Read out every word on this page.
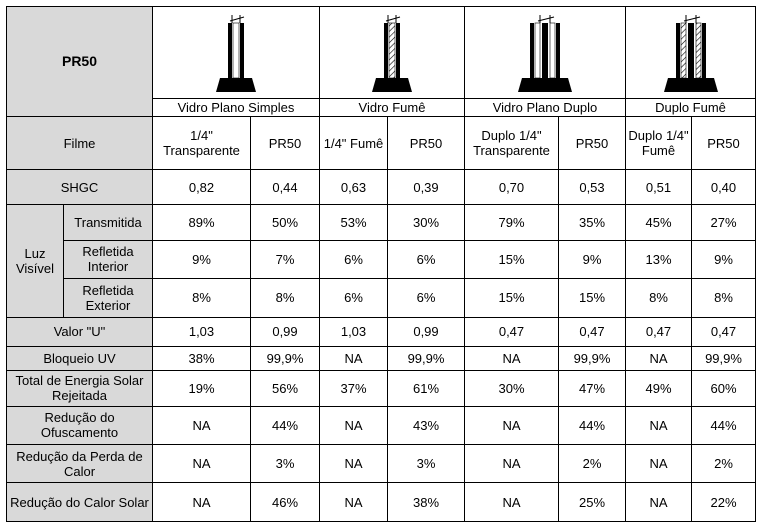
PR50	

		Vidro Plano Simples		Vidro Fumê		Vidro Plano Duplo		Duplo Fumê	
Filme		1/4" Transparente	PR50	1/4" Fumê	PR50	Duplo 1/4" Transparente	PR50	Duplo 1/4" Fumê	PR50
SHGC		0,82	0,44	0,63	0,39	0,70	0,53	0,51	0,40
Luz Visível	Transmitida	89%	50%	53%	30%	79%	35%	45%	27%
	Refletida Interior	9%	7%	6%	6%	15%	9%	13%	9%
	Refletida Exterior	8%	8%	6%	6%	15%	15%	8%	8%
Valor "U"		1,03	0,99	1,03	0,99	0,47	0,47	0,47	0,47
Bloqueio UV		38%	99,9%	NA	99,9%	NA	99,9%	NA	99,9%
Total de Energia Solar Rejeitada		19%	56%	37%	61%	30%	47%	49%	60%
Redução do Ofuscamento		NA	44%	NA	43%	NA	44%	NA	44%
Redução da Perda de Calor		NA	3%	NA	3%	NA	2%	NA	2%
Redução do Calor Solar		NA	46%	NA	38%	NA	25%	NA	22%
